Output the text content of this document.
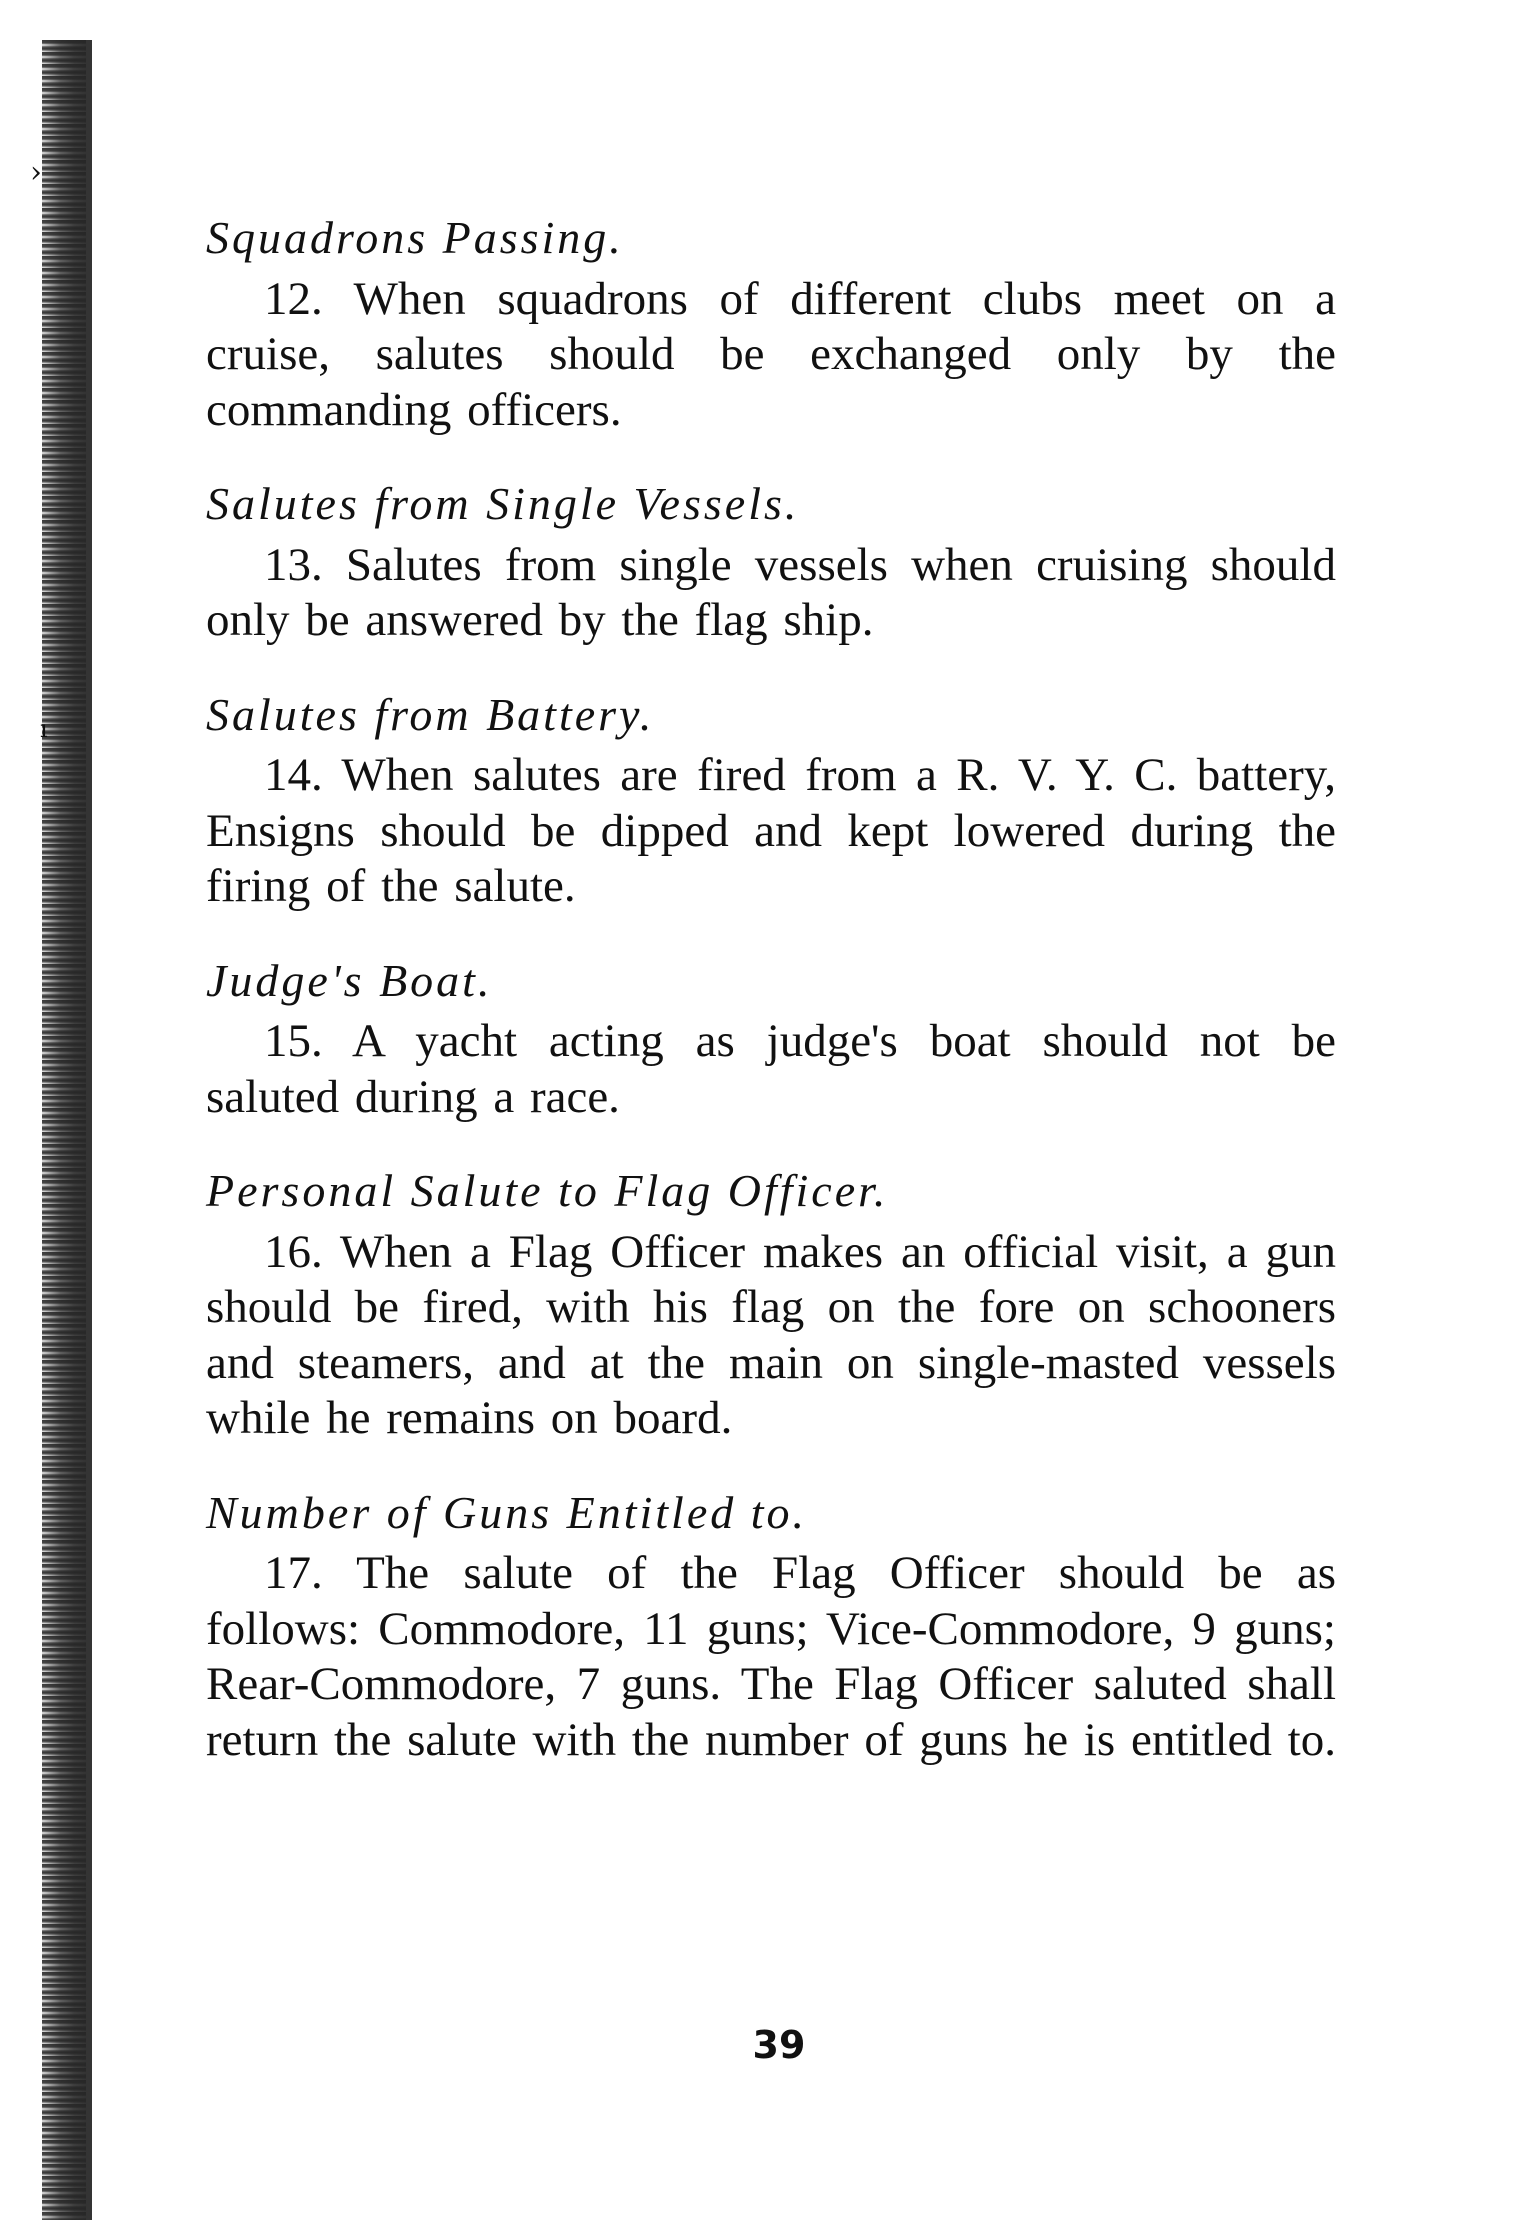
›
ı

Squadrons Passing.

12. When squadrons of different clubs meet on a cruise, salutes should be exchanged only by the commanding officers.

Salutes from Single Vessels.

13. Salutes from single vessels when cruising should only be answered by the flag ship.

Salutes from Battery.

14. When salutes are fired from a R. V. Y. C. battery, Ensigns should be dipped and kept lowered during the firing of the salute.

Judge's Boat.

15. A yacht acting as judge's boat should not be saluted during a race.

Personal Salute to Flag Officer.

16. When a Flag Officer makes an official visit, a gun should be fired, with his flag on the fore on schooners and steamers, and at the main on single-masted vessels while he remains on board.

Number of Guns Entitled to.

17. The salute of the Flag Officer should be as follows: Commodore, 11 guns; Vice-Commodore, 9 guns; Rear-Commodore, 7 guns. The Flag Officer saluted shall return the salute with the number of guns he is entitled to.

39
